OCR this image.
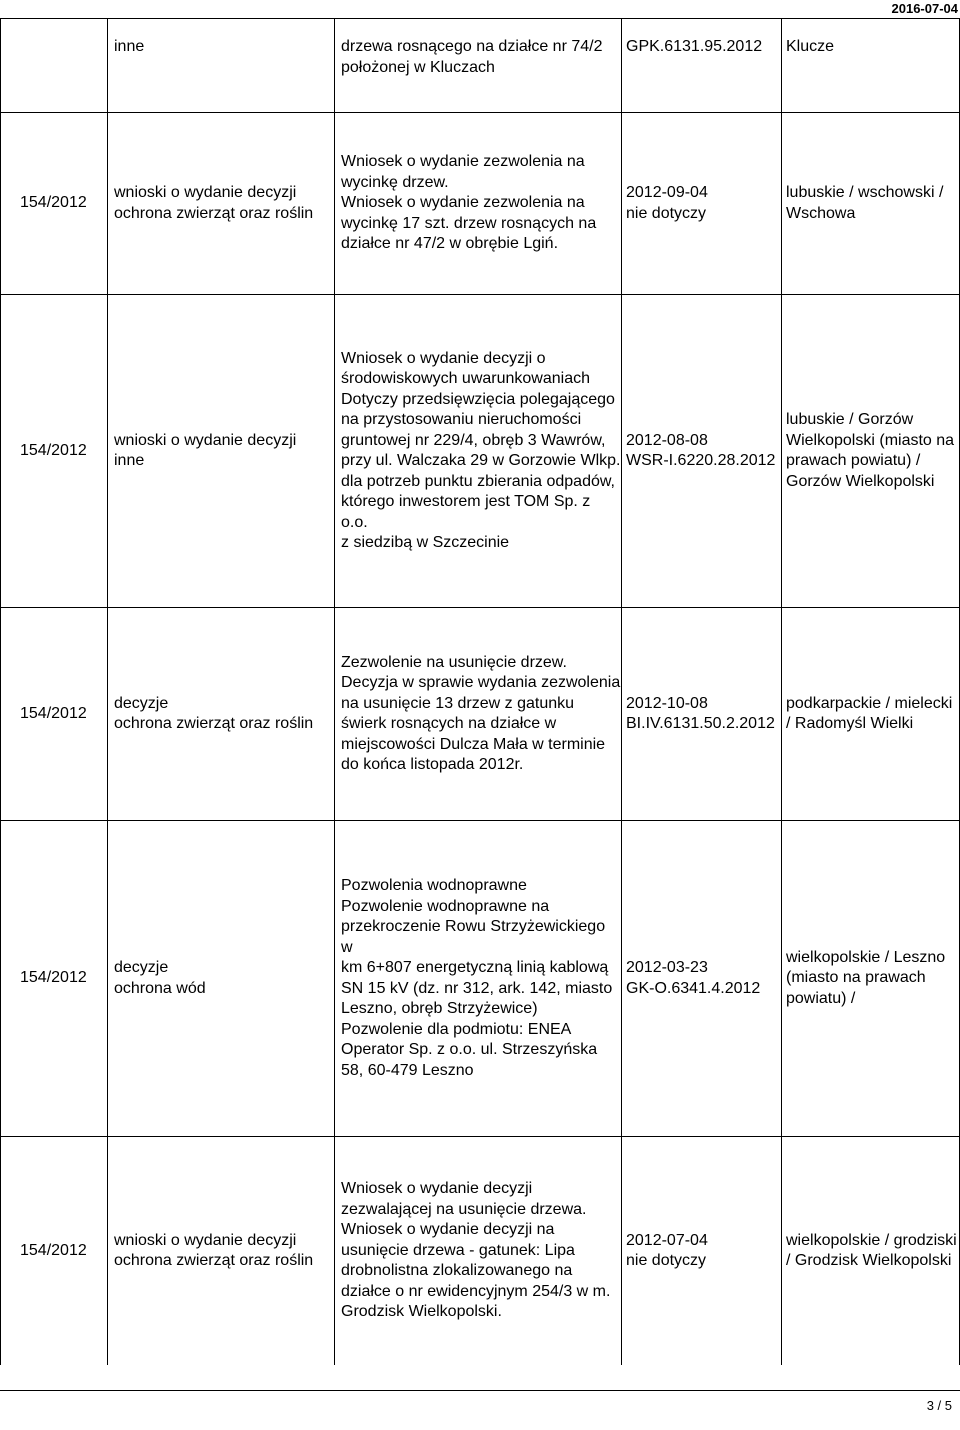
2016-07-04
inne	drzewa rosnącego na działce nr 74/2
położonej w Kluczach
GPK.6131.95.2012	Klucze
154/2012
wnioski o wydanie decyzji
ochrona zwierząt oraz roślin
Wniosek o wydanie zezwolenia na
wycinkę drzew.
Wniosek o wydanie zezwolenia na
wycinkę 17 szt. drzew rosnących na
działce nr 47/2 w obrębie Lgiń.
2012-09-04
nie dotyczy
lubuskie / wschowski /
Wschowa
154/2012
wnioski o wydanie decyzji
inne
Wniosek o wydanie decyzji o
środowiskowych uwarunkowaniach
Dotyczy przedsięwzięcia polegającego
na przystosowaniu nieruchomości
gruntowej nr 229/4, obręb 3 Wawrów,
przy ul. Walczaka 29 w Gorzowie Wlkp.
dla potrzeb punktu zbierania odpadów,
którego inwestorem jest TOM Sp. z o.o.
z siedzibą w Szczecinie
2012-08-08
WSR-I.6220.28.2012
lubuskie / Gorzów
Wielkopolski (miasto na
prawach powiatu) /
Gorzów Wielkopolski
154/2012
decyzje
ochrona zwierząt oraz roślin
Zezwolenie na usunięcie drzew.
Decyzja w sprawie wydania zezwolenia
na usunięcie 13 drzew z gatunku
świerk rosnących na działce w
miejscowości Dulcza Mała w terminie
do końca listopada 2012r.
2012-10-08
BI.IV.6131.50.2.2012
podkarpackie / mielecki
/ Radomyśl Wielki
154/2012
decyzje
ochrona wód
Pozwolenia wodnoprawne
Pozwolenie wodnoprawne na
przekroczenie Rowu Strzyżewickiego w
km 6+807 energetyczną linią kablową
SN 15 kV (dz. nr 312, ark. 142, miasto
Leszno, obręb Strzyżewice)
Pozwolenie dla podmiotu: ENEA
Operator Sp. z o.o. ul. Strzeszyńska
58, 60-479 Leszno
2012-03-23
GK-O.6341.4.2012
wielkopolskie / Leszno
(miasto na prawach
powiatu) /
154/2012
wnioski o wydanie decyzji
ochrona zwierząt oraz roślin
Wniosek o wydanie decyzji
zezwalającej na usunięcie drzewa.
Wniosek o wydanie decyzji na
usunięcie drzewa - gatunek: Lipa
drobnolistna zlokalizowanego na
działce o nr ewidencyjnym 254/3 w m.
Grodzisk Wielkopolski.
2012-07-04
nie dotyczy
wielkopolskie / grodziski
/ Grodzisk Wielkopolski
3 / 5
